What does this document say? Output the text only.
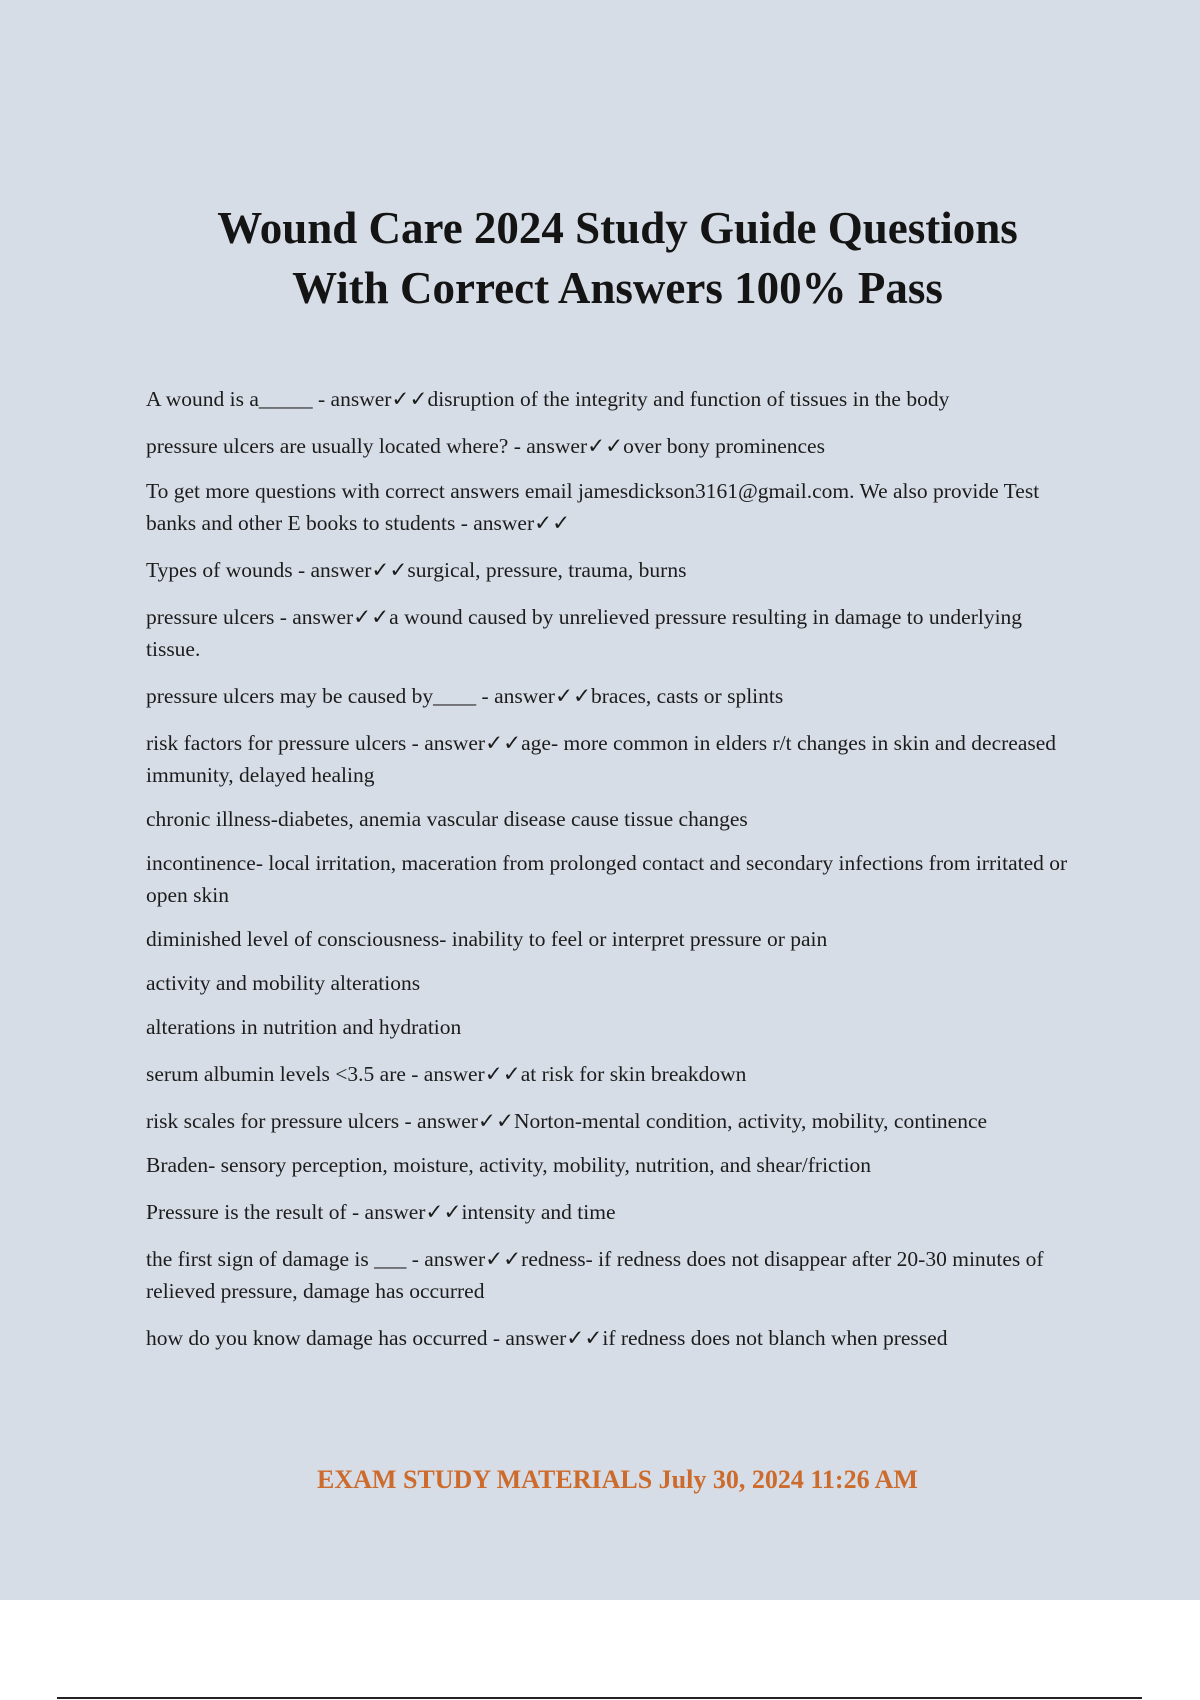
Wound Care 2024 Study Guide Questions
With Correct Answers 100% Pass

A wound is a_____ - answer✓✓disruption of the integrity and function of tissues in the body

pressure ulcers are usually located where? - answer✓✓over bony prominences

To get more questions with correct answers email jamesdickson3161@gmail.com. We also provide Test banks and other E books to students - answer✓✓

Types of wounds - answer✓✓surgical, pressure, trauma, burns

pressure ulcers - answer✓✓a wound caused by unrelieved pressure resulting in damage to underlying tissue.

pressure ulcers may be caused by____ - answer✓✓braces, casts or splints

risk factors for pressure ulcers - answer✓✓age- more common in elders r/t changes in skin and decreased immunity, delayed healing

chronic illness-diabetes, anemia vascular disease cause tissue changes

incontinence- local irritation, maceration from prolonged contact and secondary infections from irritated or open skin

diminished level of consciousness- inability to feel or interpret pressure or pain

activity and mobility alterations

alterations in nutrition and hydration

serum albumin levels <3.5 are - answer✓✓at risk for skin breakdown

risk scales for pressure ulcers - answer✓✓Norton-mental condition, activity, mobility, continence

Braden- sensory perception, moisture, activity, mobility, nutrition, and shear/friction

Pressure is the result of - answer✓✓intensity and time

the first sign of damage is ___ - answer✓✓redness- if redness does not disappear after 20-30 minutes of relieved pressure, damage has occurred

how do you know damage has occurred - answer✓✓if redness does not blanch when pressed

EXAM STUDY MATERIALS July 30, 2024 11:26 AM
